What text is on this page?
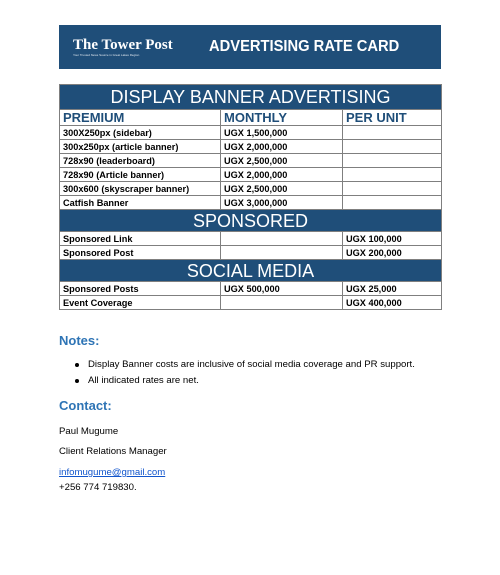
The Tower Post
Your Trusted News Source in Great Lakes Region	ADVERTISING RATE CARD
DISPLAY BANNER ADVERTISING		
PREMIUM	MONTHLY	PER UNIT
300X250px (sidebar)	UGX 1,500,000	
300x250px (article banner)	UGX 2,000,000	
728x90 (leaderboard)	UGX 2,500,000	
728x90 (Article banner)	UGX 2,000,000	
300x600 (skyscraper banner)	UGX 2,500,000	
Catfish Banner	UGX 3,000,000	
SPONSORED		
Sponsored Link		UGX 100,000
Sponsored Post		UGX 200,000
SOCIAL MEDIA		
Sponsored Posts	UGX 500,000	UGX 25,000
Event Coverage		UGX 400,000
Notes:
Display Banner costs are inclusive of social media coverage and PR support.
All indicated rates are net.
Contact:
Paul Mugume
Client Relations Manager
infomugume@gmail.com
+256 774 719830.
